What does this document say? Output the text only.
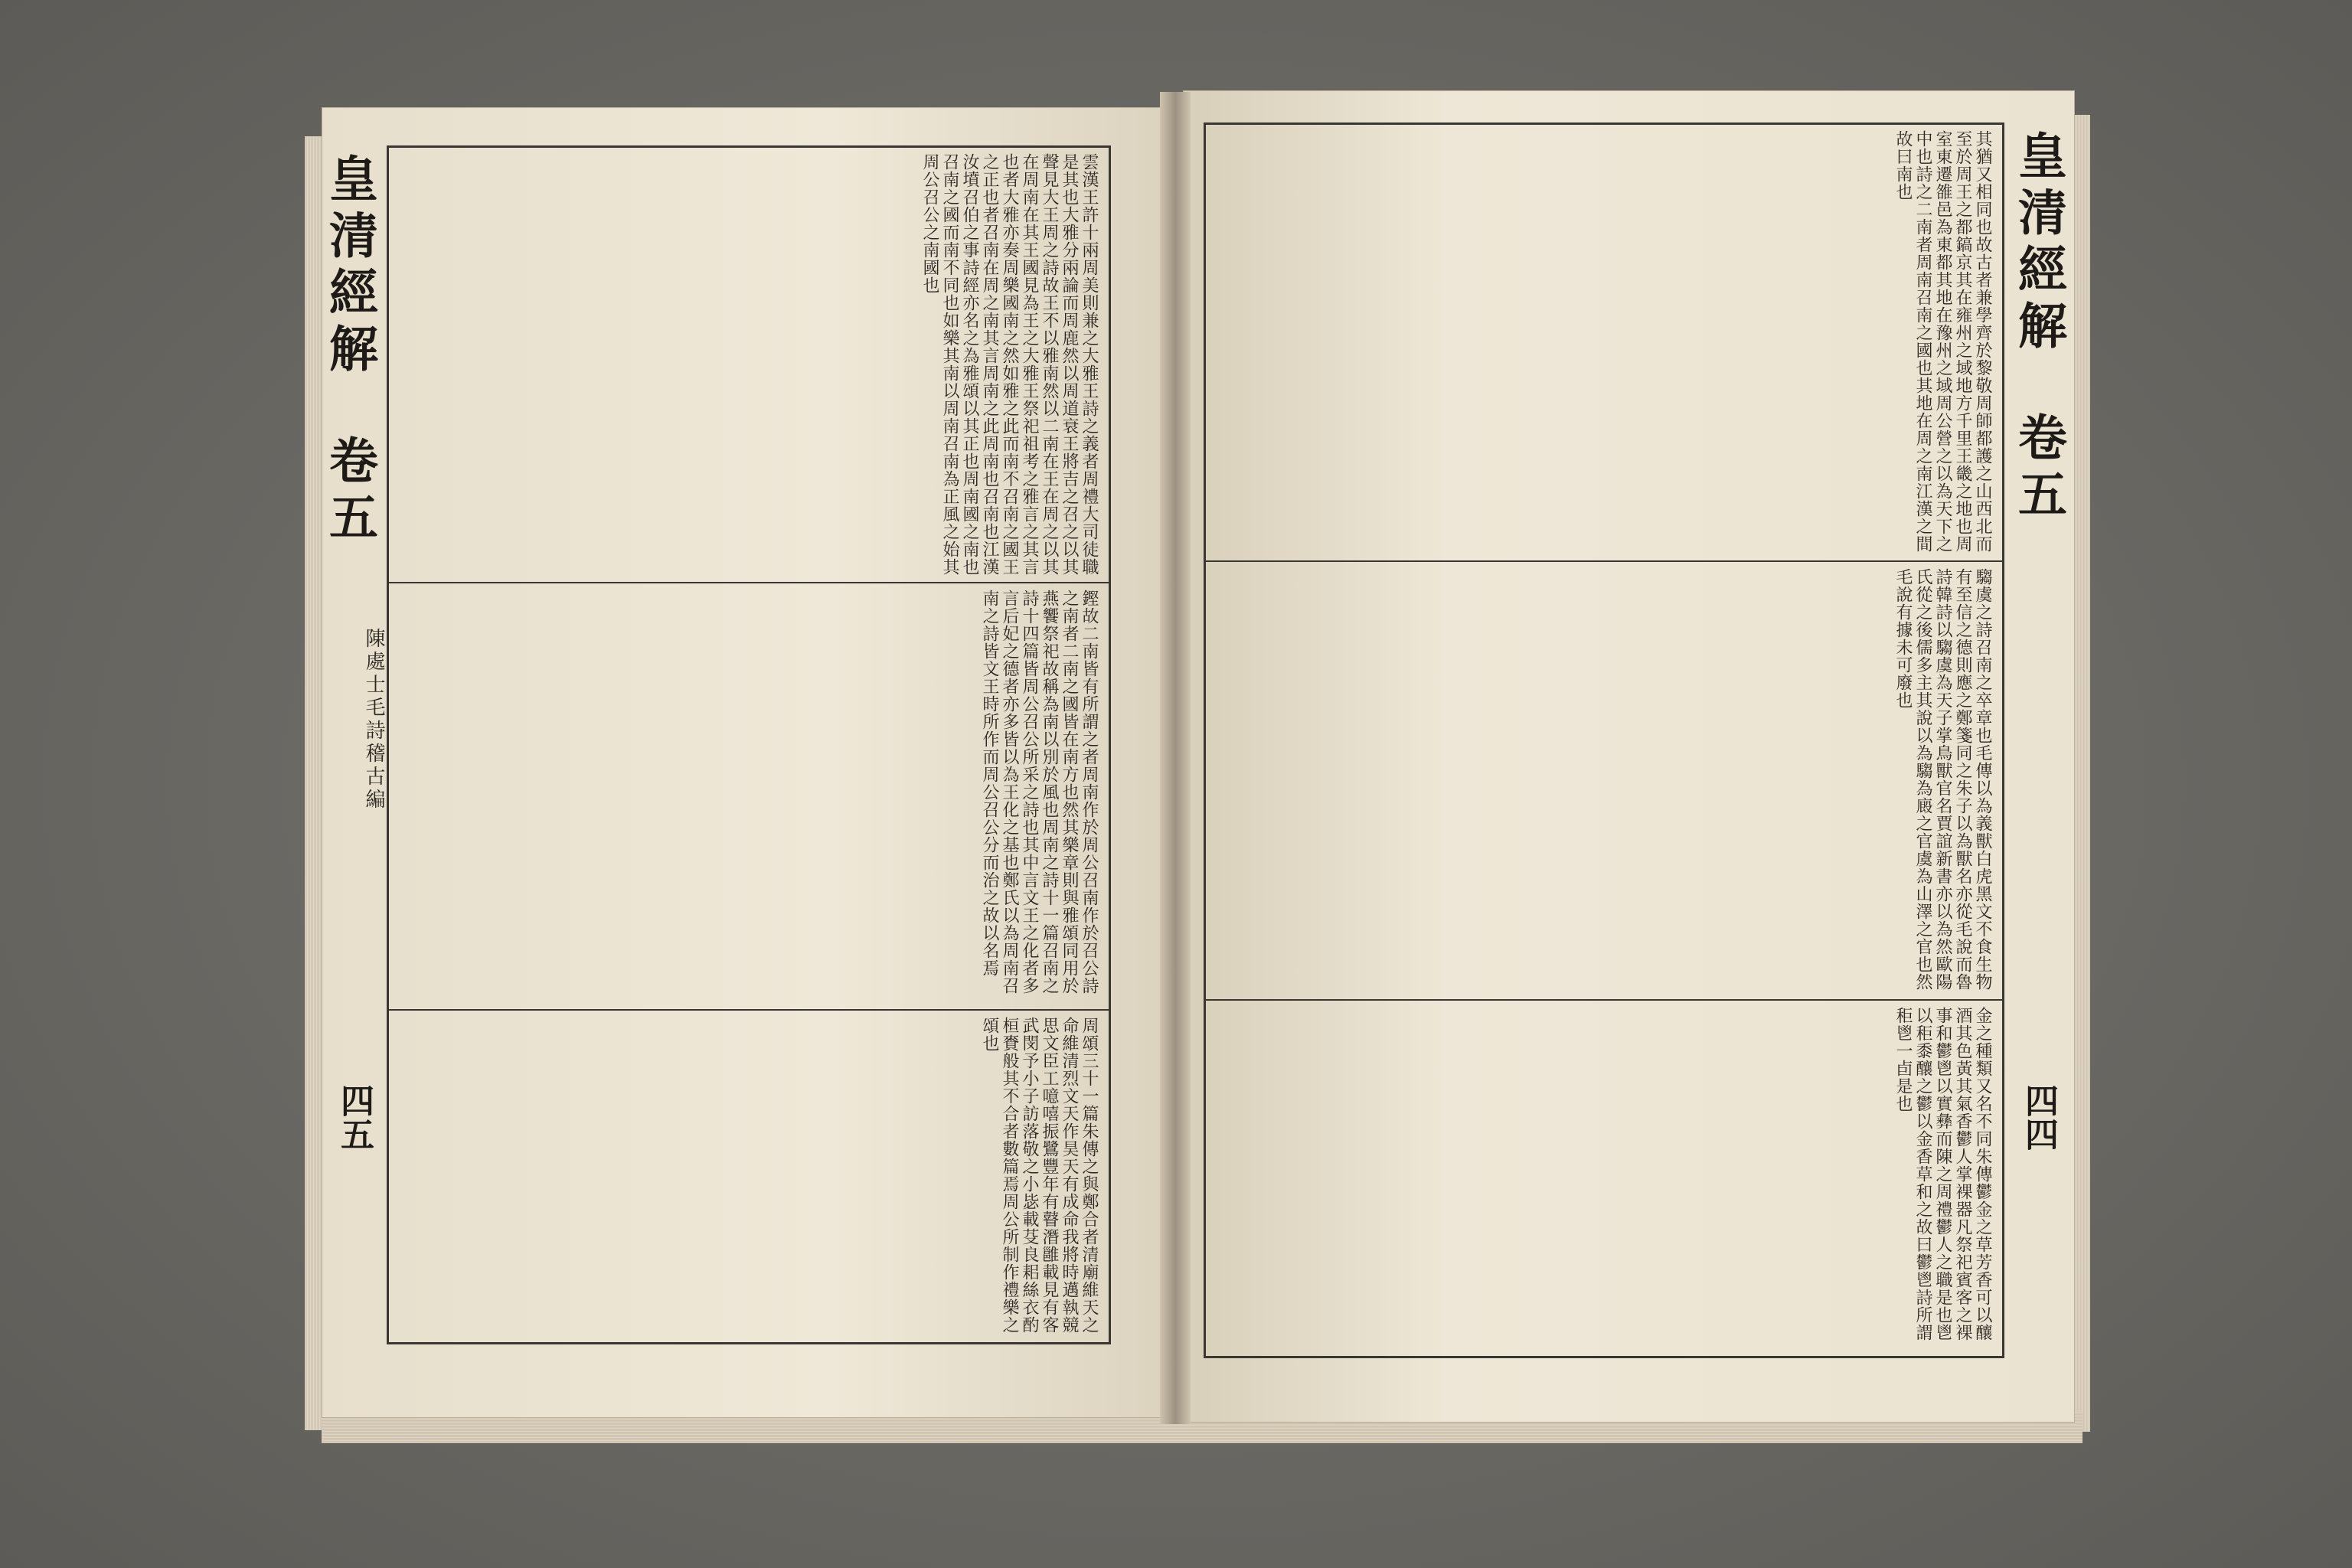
皇清經解 卷五
皇清經解 卷五
四五	四四
陳處士毛詩稽古編
雲漢王許十兩周美則兼之大雅王詩之義者周禮大司徒職是其也大雅分兩論而周鹿然以周道衰王將吉之召之以其聲見大王周之詩故王不以雅南然以二南在王在周之以其在周南在其王國見為王之大雅王祭祀祖考之雅言之其言也者大雅亦奏周樂國南之然如雅之此而南不召南之國王之正也者召南在周之南其言周南之此周南也召南也江漢汝墳召伯之事詩經亦名之為雅頌以其正也周南國之南也召南之國而南不同也如樂其南以周南召南為正風之始其周公召公之南國也
鏗故二南皆有所謂之者周南作於周公召南作於召公詩之南者二南之國皆在南方也然其樂章則與雅頌同用於燕饗祭祀故稱為南以別於風也周南之詩十一篇召南之詩十四篇皆周公召公所采之詩也其中言文王之化者多言后妃之德者亦多皆以為王化之基也鄭氏以為周南召南之詩皆文王時所作而周公召公分而治之故以名焉
周頌三十一篇朱傳之與鄭合者清廟維天之命維清烈文天作昊天有成命我將時邁執競思文臣工噫嘻振鷺豐年有瞽潛雝載見有客武閔予小子訪落敬之小毖載芟良耜絲衣酌桓賚般其不合者數篇焉周公所制作禮樂之頌也
其猶又相同也故古者兼學齊於黎敬周師都護之山西北而至於周王之都鎬京其在雍州之域地方千里王畿之地也周室東遷雒邑為東都其地在豫州之域周公營之以為天下之中也詩之二南者周南召南之國也其地在周之南江漢之間故曰南也
騶虞之詩召南之卒章也毛傳以為義獸白虎黑文不食生物有至信之德則應之鄭箋同之朱子以為獸名亦從毛說而魯詩韓詩以騶虞為天子掌鳥獸官名賈誼新書亦以為然歐陽氏從之後儒多主其說以為騶為廄之官虞為山澤之官也然毛說有據未可廢也
金之種類又名不同朱傳鬱金之草芳香可以釀酒其色黃其氣香鬱人掌裸器凡祭祀賓客之裸事和鬱鬯以實彝而陳之周禮鬱人之職是也鬯以秬黍釀之鬱以金香草和之故曰鬱鬯詩所謂秬鬯一卣是也
